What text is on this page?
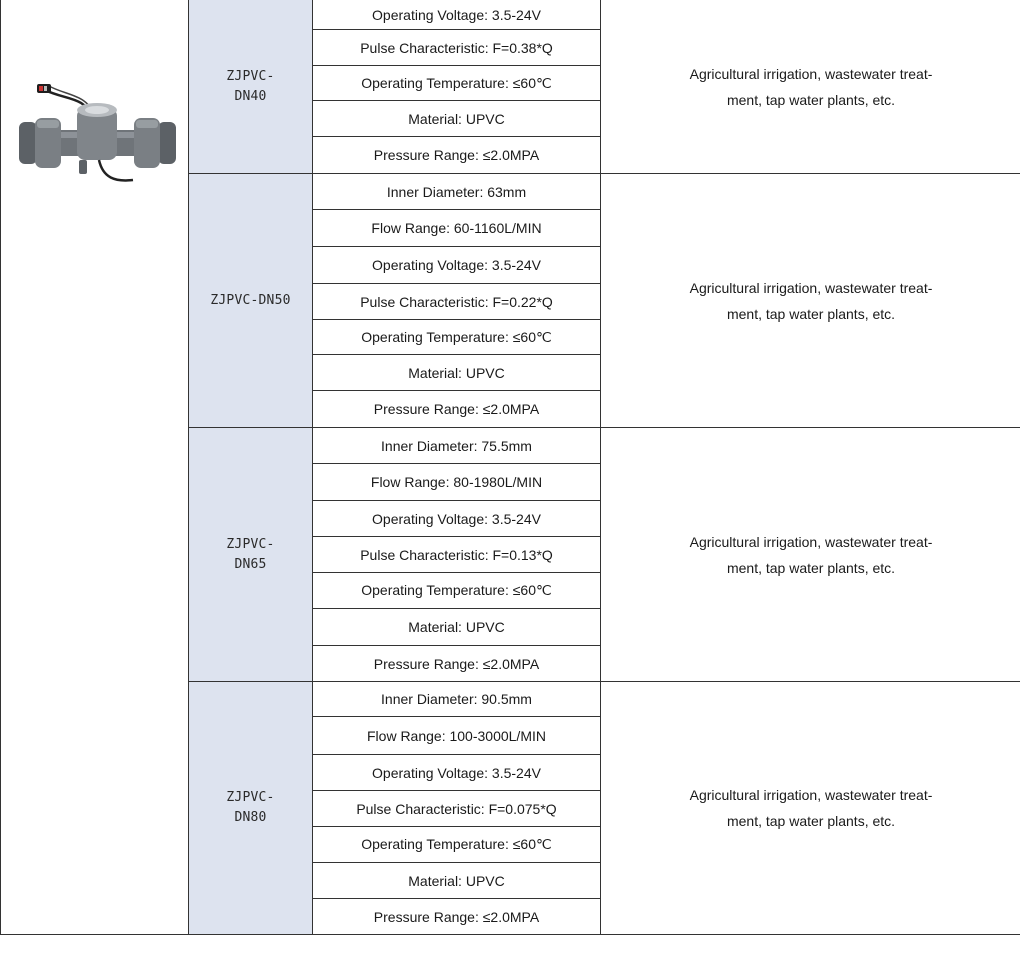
ZJPVC-
DN40
Operating Voltage: 3.5-24V
Pulse Characteristic: F=0.38*Q
Operating Temperature: ≤60℃
Material: UPVC
Pressure Range: ≤2.0MPA
Agricultural irrigation, wastewater treat-
ment, tap water plants, etc.
ZJPVC-DN50
Inner Diameter: 63mm
Flow Range: 60-1160L/MIN
Operating Voltage: 3.5-24V
Pulse Characteristic: F=0.22*Q
Operating Temperature: ≤60℃
Material: UPVC
Pressure Range: ≤2.0MPA
Agricultural irrigation, wastewater treat-
ment, tap water plants, etc.
ZJPVC-
DN65
Inner Diameter: 75.5mm
Flow Range: 80-1980L/MIN
Operating Voltage: 3.5-24V
Pulse Characteristic: F=0.13*Q
Operating Temperature: ≤60℃
Material: UPVC
Pressure Range: ≤2.0MPA
Agricultural irrigation, wastewater treat-
ment, tap water plants, etc.
ZJPVC-
DN80
Inner Diameter: 90.5mm
Flow Range: 100-3000L/MIN
Operating Voltage: 3.5-24V
Pulse Characteristic: F=0.075*Q
Operating Temperature: ≤60℃
Material: UPVC
Pressure Range: ≤2.0MPA
Agricultural irrigation, wastewater treat-
ment, tap water plants, etc.
